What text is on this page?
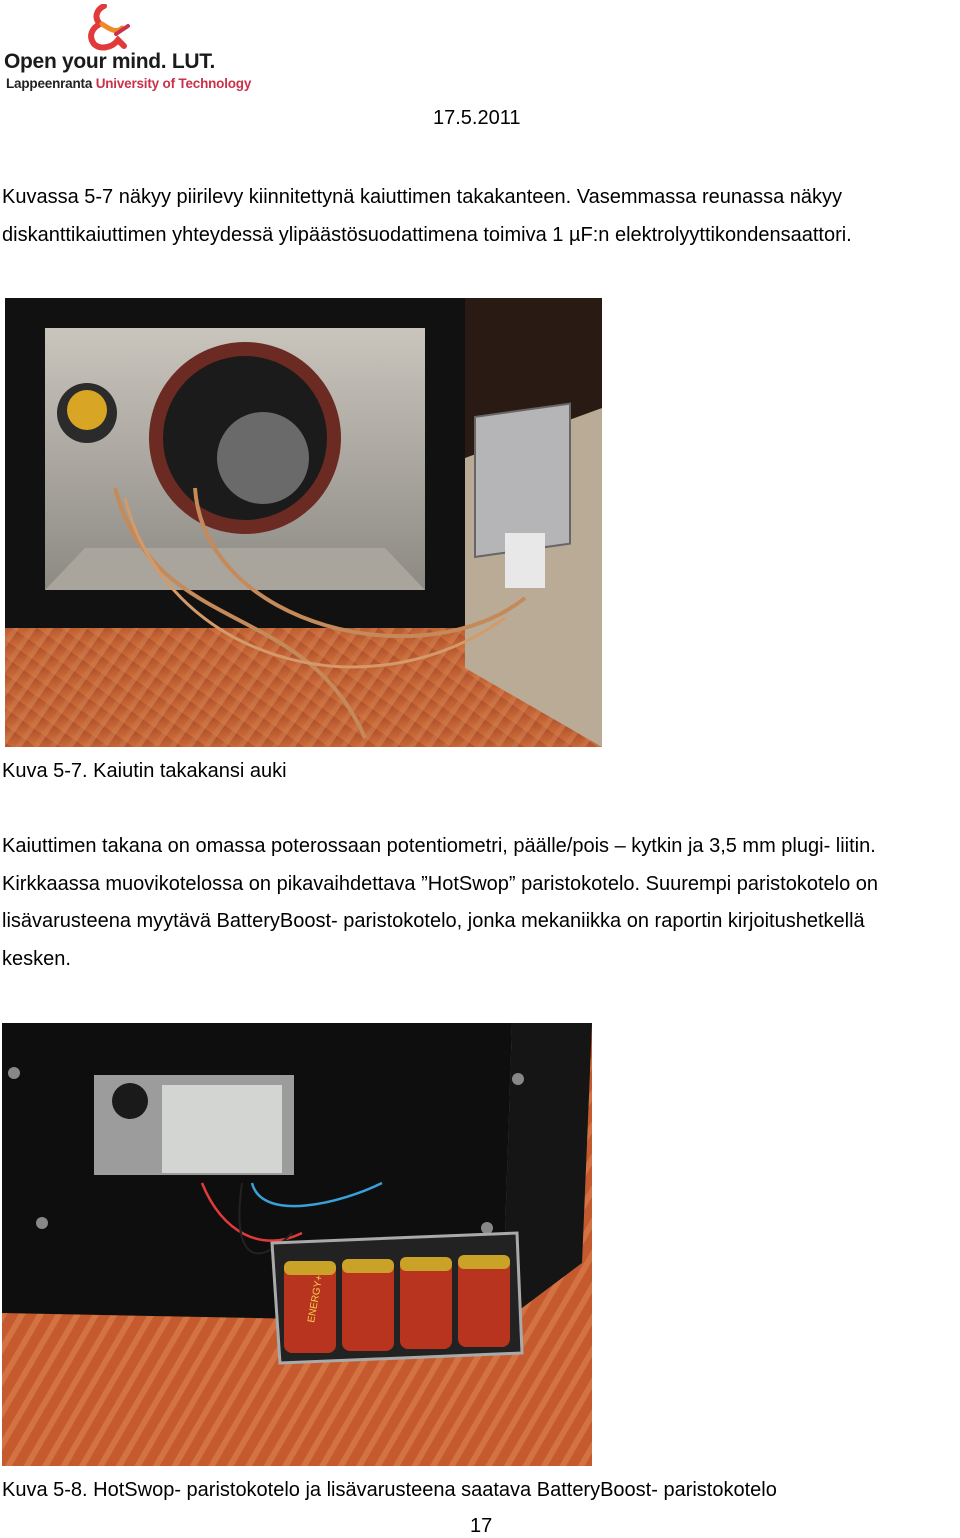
Open your mind. LUT.
Lappeenranta University of Technology
17.5.2011
Kuvassa 5-7 näkyy piirilevy kiinnitettynä kaiuttimen takakanteen. Vasemmassa reunassa näkyy
diskanttikaiuttimen yhteydessä ylipäästösuodattimena toimiva 1 µF:n elektrolyyttikondensaattori.
Kuva 5-7. Kaiutin takakansi auki
Kaiuttimen takana on omassa poterossaan potentiometri, päälle/pois – kytkin ja 3,5 mm plugi- liitin.
Kirkkaassa muovikotelossa on pikavaihdettava ”HotSwop” paristokotelo. Suurempi paristokotelo on
lisävarusteena myytävä BatteryBoost- paristokotelo, jonka mekaniikka on raportin kirjoitushetkellä
kesken.
ENERGY+
Kuva 5-8. HotSwop- paristokotelo ja lisävarusteena saatava BatteryBoost- paristokotelo
17
